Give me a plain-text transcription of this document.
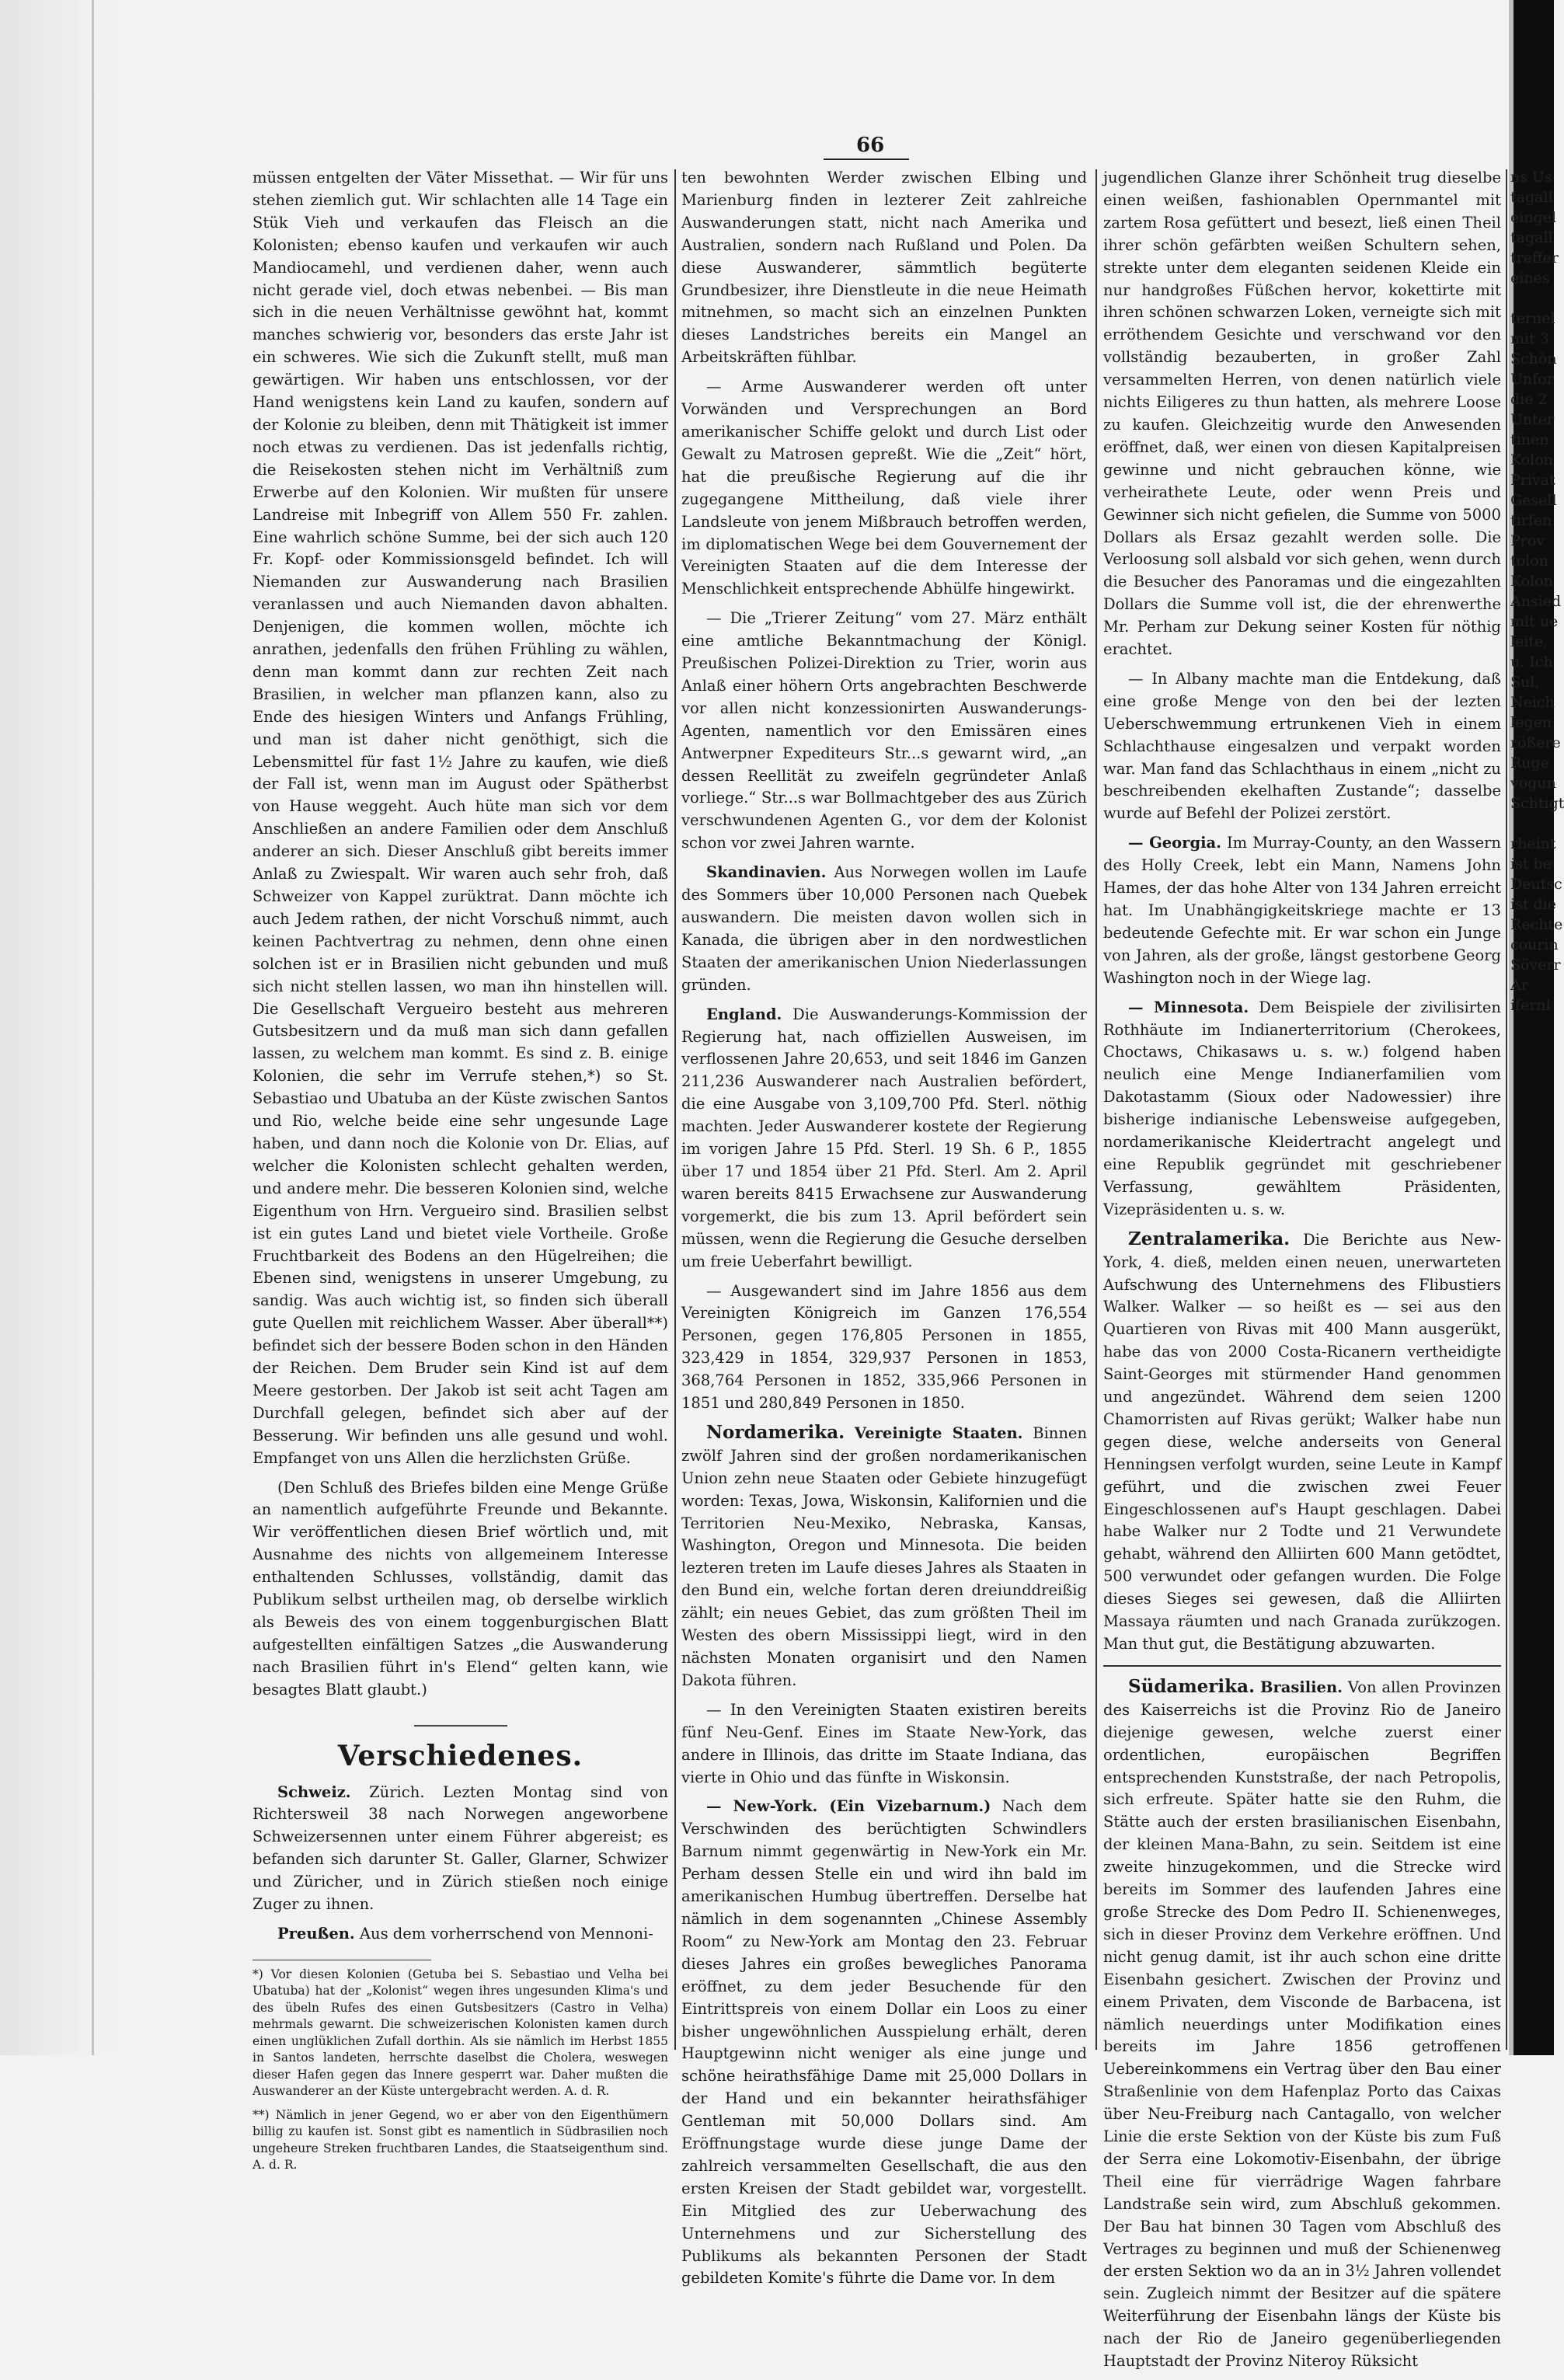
66

müssen entgelten der Väter Missethat. — Wir für uns stehen ziemlich gut. Wir schlachten alle 14 Tage ein Stük Vieh und verkaufen das Fleisch an die Kolonisten; ebenso kaufen und verkaufen wir auch Mandiocamehl, und verdienen daher, wenn auch nicht gerade viel, doch etwas nebenbei. — Bis man sich in die neuen Verhältnisse gewöhnt hat, kommt manches schwierig vor, besonders das erste Jahr ist ein schweres. Wie sich die Zukunft stellt, muß man gewärtigen. Wir haben uns entschlossen, vor der Hand wenigstens kein Land zu kaufen, sondern auf der Kolonie zu bleiben, denn mit Thätigkeit ist immer noch etwas zu verdienen. Das ist jedenfalls richtig, die Reisekosten stehen nicht im Verhältniß zum Erwerbe auf den Kolonien. Wir mußten für unsere Landreise mit Inbegriff von Allem 550 Fr. zahlen. Eine wahrlich schöne Summe, bei der sich auch 120 Fr. Kopf- oder Kommissionsgeld befindet. Ich will Niemanden zur Auswanderung nach Brasilien veranlassen und auch Niemanden davon abhalten. Denjenigen, die kommen wollen, möchte ich anrathen, jedenfalls den frühen Frühling zu wählen, denn man kommt dann zur rechten Zeit nach Brasilien, in welcher man pflanzen kann, also zu Ende des hiesigen Winters und Anfangs Frühling, und man ist daher nicht genöthigt, sich die Lebensmittel für fast 1½ Jahre zu kaufen, wie dieß der Fall ist, wenn man im August oder Spätherbst von Hause weggeht. Auch hüte man sich vor dem Anschließen an andere Familien oder dem Anschluß anderer an sich. Dieser Anschluß gibt bereits immer Anlaß zu Zwiespalt. Wir waren auch sehr froh, daß Schweizer von Kappel zurüktrat. Dann möchte ich auch Jedem rathen, der nicht Vorschuß nimmt, auch keinen Pachtvertrag zu nehmen, denn ohne einen solchen ist er in Brasilien nicht gebunden und muß sich nicht stellen lassen, wo man ihn hinstellen will. Die Gesellschaft Vergueiro besteht aus mehreren Gutsbesitzern und da muß man sich dann gefallen lassen, zu welchem man kommt. Es sind z. B. einige Kolonien, die sehr im Verrufe stehen,*) so St. Sebastiao und Ubatuba an der Küste zwischen Santos und Rio, welche beide eine sehr ungesunde Lage haben, und dann noch die Kolonie von Dr. Elias, auf welcher die Kolonisten schlecht gehalten werden, und andere mehr. Die besseren Kolonien sind, welche Eigenthum von Hrn. Vergueiro sind. Brasilien selbst ist ein gutes Land und bietet viele Vortheile. Große Fruchtbarkeit des Bodens an den Hügelreihen; die Ebenen sind, wenigstens in unserer Umgebung, zu sandig. Was auch wichtig ist, so finden sich überall gute Quellen mit reichlichem Wasser. Aber überall**) befindet sich der bessere Boden schon in den Händen der Reichen. Dem Bruder sein Kind ist auf dem Meere gestorben. Der Jakob ist seit acht Tagen am Durchfall gelegen, befindet sich aber auf der Besserung. Wir befinden uns alle gesund und wohl. Empfanget von uns Allen die herzlichsten Grüße.

(Den Schluß des Briefes bilden eine Menge Grüße an namentlich aufgeführte Freunde und Bekannte. Wir veröffentlichen diesen Brief wörtlich und, mit Ausnahme des nichts von allgemeinem Interesse enthaltenden Schlusses, vollständig, damit das Publikum selbst urtheilen mag, ob derselbe wirklich als Beweis des von einem toggenburgischen Blatt aufgestellten einfältigen Satzes „die Auswanderung nach Brasilien führt in's Elend“ gelten kann, wie besagtes Blatt glaubt.)

Verschiedenes.

Schweiz. Zürich. Lezten Montag sind von Richtersweil 38 nach Norwegen angeworbene Schweizersennen unter einem Führer abgereist; es befanden sich darunter St. Galler, Glarner, Schwizer und Züricher, und in Zürich stießen noch einige Zuger zu ihnen.

Preußen. Aus dem vorherrschend von Mennoni-

*) Vor diesen Kolonien (Getuba bei S. Sebastiao und Velha bei Ubatuba) hat der „Kolonist“ wegen ihres ungesunden Klima's und des übeln Rufes des einen Gutsbesitzers (Castro in Velha) mehrmals gewarnt. Die schweizerischen Kolonisten kamen durch einen unglüklichen Zufall dorthin. Als sie nämlich im Herbst 1855 in Santos landeten, herrschte daselbst die Cholera, weswegen dieser Hafen gegen das Innere gesperrt war. Daher mußten die Auswanderer an der Küste untergebracht werden. A. d. R.

**) Nämlich in jener Gegend, wo er aber von den Eigenthümern billig zu kaufen ist. Sonst gibt es namentlich in Südbrasilien noch ungeheure Streken fruchtbaren Landes, die Staatseigenthum sind. A. d. R.

ten bewohnten Werder zwischen Elbing und Marienburg finden in lezterer Zeit zahlreiche Auswanderungen statt, nicht nach Amerika und Australien, sondern nach Rußland und Polen. Da diese Auswanderer, sämmtlich begüterte Grundbesizer, ihre Dienstleute in die neue Heimath mitnehmen, so macht sich an einzelnen Punkten dieses Landstriches bereits ein Mangel an Arbeitskräften fühlbar.

— Arme Auswanderer werden oft unter Vorwänden und Versprechungen an Bord amerikanischer Schiffe gelokt und durch List oder Gewalt zu Matrosen gepreßt. Wie die „Zeit“ hört, hat die preußische Regierung auf die ihr zugegangene Mittheilung, daß viele ihrer Landsleute von jenem Mißbrauch betroffen werden, im diplomatischen Wege bei dem Gouvernement der Vereinigten Staaten auf die dem Interesse der Menschlichkeit entsprechende Abhülfe hingewirkt.

— Die „Trierer Zeitung“ vom 27. März enthält eine amtliche Bekanntmachung der Königl. Preußischen Polizei-Direktion zu Trier, worin aus Anlaß einer höhern Orts angebrachten Beschwerde vor allen nicht konzessionirten Auswanderungs-Agenten, namentlich vor den Emissären eines Antwerpner Expediteurs Str...s gewarnt wird, „an dessen Reellität zu zweifeln gegründeter Anlaß vorliege.“ Str...s war Bollmachtgeber des aus Zürich verschwundenen Agenten G., vor dem der Kolonist schon vor zwei Jahren warnte.

Skandinavien. Aus Norwegen wollen im Laufe des Sommers über 10,000 Personen nach Quebek auswandern. Die meisten davon wollen sich in Kanada, die übrigen aber in den nordwestlichen Staaten der amerikanischen Union Niederlassungen gründen.

England. Die Auswanderungs-Kommission der Regierung hat, nach offiziellen Ausweisen, im verflossenen Jahre 20,653, und seit 1846 im Ganzen 211,236 Auswanderer nach Australien befördert, die eine Ausgabe von 3,109,700 Pfd. Sterl. nöthig machten. Jeder Auswanderer kostete der Regierung im vorigen Jahre 15 Pfd. Sterl. 19 Sh. 6 P., 1855 über 17 und 1854 über 21 Pfd. Sterl. Am 2. April waren bereits 8415 Erwachsene zur Auswanderung vorgemerkt, die bis zum 13. April befördert sein müssen, wenn die Regierung die Gesuche derselben um freie Ueberfahrt bewilligt.

— Ausgewandert sind im Jahre 1856 aus dem Vereinigten Königreich im Ganzen 176,554 Personen, gegen 176,805 Personen in 1855, 323,429 in 1854, 329,937 Personen in 1853, 368,764 Personen in 1852, 335,966 Personen in 1851 und 280,849 Personen in 1850.

Nordamerika. Vereinigte Staaten. Binnen zwölf Jahren sind der großen nordamerikanischen Union zehn neue Staaten oder Gebiete hinzugefügt worden: Texas, Jowa, Wiskonsin, Kalifornien und die Territorien Neu-Mexiko, Nebraska, Kansas, Washington, Oregon und Minnesota. Die beiden lezteren treten im Laufe dieses Jahres als Staaten in den Bund ein, welche fortan deren dreiunddreißig zählt; ein neues Gebiet, das zum größten Theil im Westen des obern Mississippi liegt, wird in den nächsten Monaten organisirt und den Namen Dakota führen.

— In den Vereinigten Staaten existiren bereits fünf Neu-Genf. Eines im Staate New-York, das andere in Illinois, das dritte im Staate Indiana, das vierte in Ohio und das fünfte in Wiskonsin.

— New-York. (Ein Vizebarnum.) Nach dem Verschwinden des berüchtigten Schwindlers Barnum nimmt gegenwärtig in New-York ein Mr. Perham dessen Stelle ein und wird ihn bald im amerikanischen Humbug übertreffen. Derselbe hat nämlich in dem sogenannten „Chinese Assembly Room“ zu New-York am Montag den 23. Februar dieses Jahres ein großes bewegliches Panorama eröffnet, zu dem jeder Besuchende für den Eintrittspreis von einem Dollar ein Loos zu einer bisher ungewöhnlichen Ausspielung erhält, deren Hauptgewinn nicht weniger als eine junge und schöne heirathsfähige Dame mit 25,000 Dollars in der Hand und ein bekannter heirathsfähiger Gentleman mit 50,000 Dollars sind. Am Eröffnungstage wurde diese junge Dame der zahlreich versammelten Gesellschaft, die aus den ersten Kreisen der Stadt gebildet war, vorgestellt. Ein Mitglied des zur Ueberwachung des Unternehmens und zur Sicherstellung des Publikums als bekannten Personen der Stadt gebildeten Komite's führte die Dame vor. In dem

jugendlichen Glanze ihrer Schönheit trug dieselbe einen weißen, fashionablen Opernmantel mit zartem Rosa gefüttert und besezt, ließ einen Theil ihrer schön gefärbten weißen Schultern sehen, strekte unter dem eleganten seidenen Kleide ein nur handgroßes Füßchen hervor, kokettirte mit ihren schönen schwarzen Loken, verneigte sich mit erröthendem Gesichte und verschwand vor den vollständig bezauberten, in großer Zahl versammelten Herren, von denen natürlich viele nichts Eiligeres zu thun hatten, als mehrere Loose zu kaufen. Gleichzeitig wurde den Anwesenden eröffnet, daß, wer einen von diesen Kapitalpreisen gewinne und nicht gebrauchen könne, wie verheirathete Leute, oder wenn Preis und Gewinner sich nicht gefielen, die Summe von 5000 Dollars als Ersaz gezahlt werden solle. Die Verloosung soll alsbald vor sich gehen, wenn durch die Besucher des Panoramas und die eingezahlten Dollars die Summe voll ist, die der ehrenwerthe Mr. Perham zur Dekung seiner Kosten für nöthig erachtet.

— In Albany machte man die Entdekung, daß eine große Menge von den bei der lezten Ueberschwemmung ertrunkenen Vieh in einem Schlachthause eingesalzen und verpakt worden war. Man fand das Schlachthaus in einem „nicht zu beschreibenden ekelhaften Zustande“; dasselbe wurde auf Befehl der Polizei zerstört.

— Georgia. Im Murray-County, an den Wassern des Holly Creek, lebt ein Mann, Namens John Hames, der das hohe Alter von 134 Jahren erreicht hat. Im Unabhängigkeitskriege machte er 13 bedeutende Gefechte mit. Er war schon ein Junge von Jahren, als der große, längst gestorbene Georg Washington noch in der Wiege lag.

— Minnesota. Dem Beispiele der zivilisirten Rothhäute im Indianerterritorium (Cherokees, Choctaws, Chikasaws u. s. w.) folgend haben neulich eine Menge Indianerfamilien vom Dakotastamm (Sioux oder Nadowessier) ihre bisherige indianische Lebensweise aufgegeben, nordamerikanische Kleidertracht angelegt und eine Republik gegründet mit geschriebener Verfassung, gewähltem Präsidenten, Vizepräsidenten u. s. w.

Zentralamerika. Die Berichte aus New-York, 4. dieß, melden einen neuen, unerwarteten Aufschwung des Unternehmens des Flibustiers Walker. Walker — so heißt es — sei aus den Quartieren von Rivas mit 400 Mann ausgerükt, habe das von 2000 Costa-Ricanern vertheidigte Saint-Georges mit stürmender Hand genommen und angezündet. Während dem seien 1200 Chamorristen auf Rivas gerükt; Walker habe nun gegen diese, welche anderseits von General Henningsen verfolgt wurden, seine Leute in Kampf geführt, und die zwischen zwei Feuer Eingeschlossenen auf's Haupt geschlagen. Dabei habe Walker nur 2 Todte und 21 Verwundete gehabt, während den Alliirten 600 Mann getödtet, 500 verwundet oder gefangen wurden. Die Folge dieses Sieges sei gewesen, daß die Alliirten Massaya räumten und nach Granada zurükzogen. Man thut gut, die Bestätigung abzuwarten.

Südamerika. Brasilien. Von allen Provinzen des Kaiserreichs ist die Provinz Rio de Janeiro diejenige gewesen, welche zuerst einer ordentlichen, europäischen Begriffen entsprechenden Kunststraße, der nach Petropolis, sich erfreute. Später hatte sie den Ruhm, die Stätte auch der ersten brasilianischen Eisenbahn, der kleinen Mana-Bahn, zu sein. Seitdem ist eine zweite hinzugekommen, und die Strecke wird bereits im Sommer des laufenden Jahres eine große Strecke des Dom Pedro II. Schienenweges, sich in dieser Provinz dem Verkehre eröffnen. Und nicht genug damit, ist ihr auch schon eine dritte Eisenbahn gesichert. Zwischen der Provinz und einem Privaten, dem Visconde de Barbacena, ist nämlich neuerdings unter Modifikation eines bereits im Jahre 1856 getroffenen Uebereinkommens ein Vertrag über den Bau einer Straßenlinie von dem Hafenplaz Porto das Caixas über Neu-Freiburg nach Cantagallo, von welcher Linie die erste Sektion von der Küste bis zum Fuß der Serra eine Lokomotiv-Eisenbahn, der übrige Theil eine für vierrädrige Wagen fahrbare Landstraße sein wird, zum Abschluß gekommen. Der Bau hat binnen 30 Tagen vom Abschluß des Vertrages zu beginnen und muß der Schienenweg der ersten Sektion wo da an in 3½ Jahren vollendet sein. Zugleich nimmt der Besitzer auf die spätere Weiterführung der Eisenbahn längs der Küste bis nach der Rio de Janeiro gegenüberliegenden Hauptstadt der Provinz Niteroy Rüksicht

ns Us
tagall
eingel
tagall
treffer
eines
ternel
mit 3
Schön
Unfor
die 2
Unter
tinen
Kolon
Privat
Gesell
tirfen
Prov
tolon
Kolon
Ansied
mit ue
leite,
u. Ich
Sul,
Neich
legen
rößere
Ruge
vogun
Schtigt
rheint
ist be
Deutsc
ist die
Rechte
courin
Söverr
Ar
ifernl
